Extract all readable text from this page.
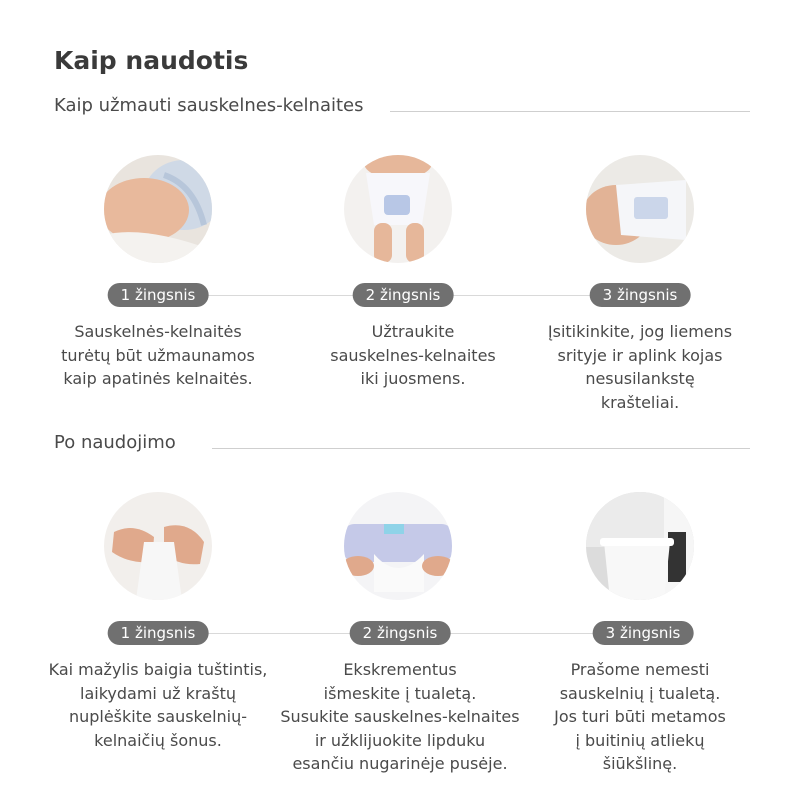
Kaip naudotis
Kaip užmauti sauskelnes-kelnaites
1 žingsnis	2 žingsnis	3 žingsnis

Sauskelnės-kelnaitės
turėtų būt užmaunamos
kaip apatinės kelnaitės.

Užtraukite
sauskelnes-kelnaites
iki juosmens.

Įsitikinkite, jog liemens
srityje ir aplink kojas
nesusilankstę
kraštelіai.

Po naudojimo
1 žingsnis	2 žingsnis	3 žingsnis

Kai mažylis baigia tuštintis,
laikydami už kraštų
nuplėškite sauskelnių-
kelnaičių šonus.

Ekskrementus
išmeskite į tualetą.
Susukite sauskelnes-kelnaites
ir užklijuokite lipduku
esančiu nugarinėje pusėje.

Prašome nemesti
sauskelnių į tualetą.
Jos turi būti metamos
į buitinių atliekų
šiūkšlinę.
